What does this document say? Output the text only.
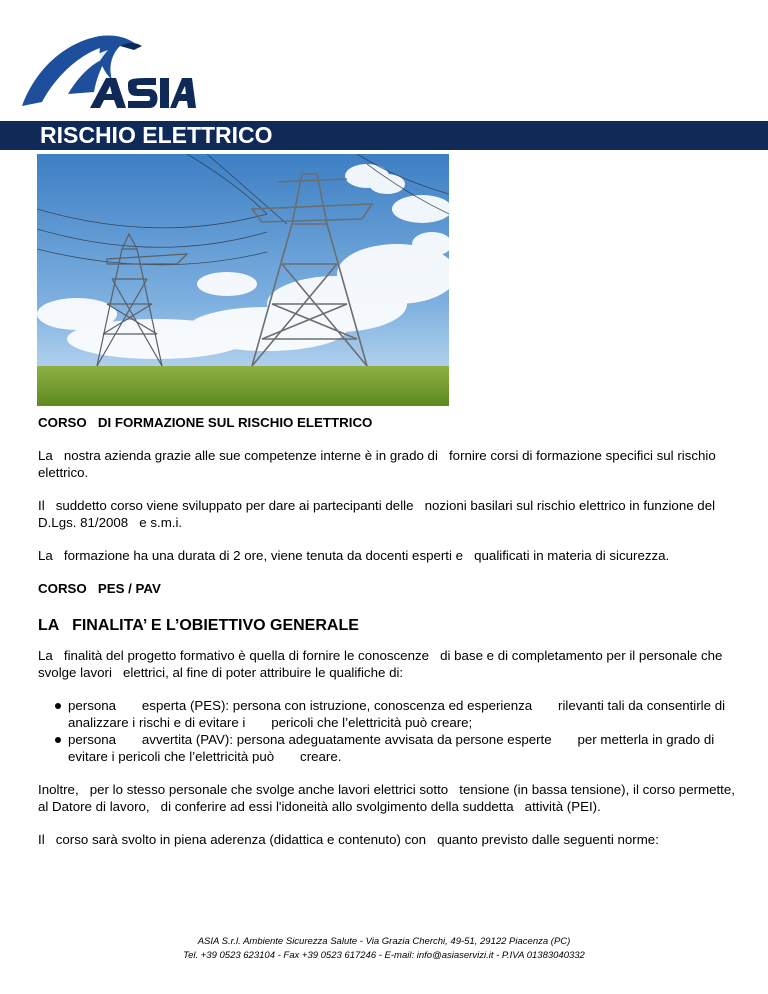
RISCHIO ELETTRICO

CORSO   DI FORMAZIONE SUL RISCHIO ELETTRICO

La   nostra azienda grazie alle sue competenze interne è in grado di   fornire corsi di formazione specifici sul rischio elettrico.

Il   suddetto corso viene sviluppato per dare ai partecipanti delle   nozioni basilari sul rischio elettrico in funzione del D.Lgs. 81/2008   e s.m.i.

La   formazione ha una durata di 2 ore, viene tenuta da docenti esperti e   qualificati in materia di sicurezza.

CORSO   PES / PAV

LA   FINALITA’ E L’OBIETTIVO GENERALE

La   finalità del progetto formativo è quella di fornire le conoscenze   di base e di completamento per il personale che svolge lavori   elettrici, al fine di poter attribuire le qualifiche di:

persona       esperta (PES): persona con istruzione, conoscenza ed esperienza       rilevanti tali da consentirle di analizzare i rischi e di evitare i       pericoli che l’elettricità può creare;
persona       avvertita (PAV): persona adeguatamente avvisata da persone esperte       per metterla in grado di evitare i pericoli che l’elettricità può       creare.

Inoltre,   per lo stesso personale che svolge anche lavori elettrici sotto   tensione (in bassa tensione), il corso permette, al Datore di lavoro,   di conferire ad essi l'idoneità allo svolgimento della suddetta   attività (PEI).

Il   corso sarà svolto in piena aderenza (didattica e contenuto) con   quanto previsto dalle seguenti norme:

ASIA S.r.l. Ambiente Sicurezza Salute - Via Grazia Cherchi, 49-51, 29122 Piacenza (PC)
Tel. +39 0523 623104 - Fax +39 0523 617246 - E-mail: info@asiaservizi.it - P.IVA 01383040332
